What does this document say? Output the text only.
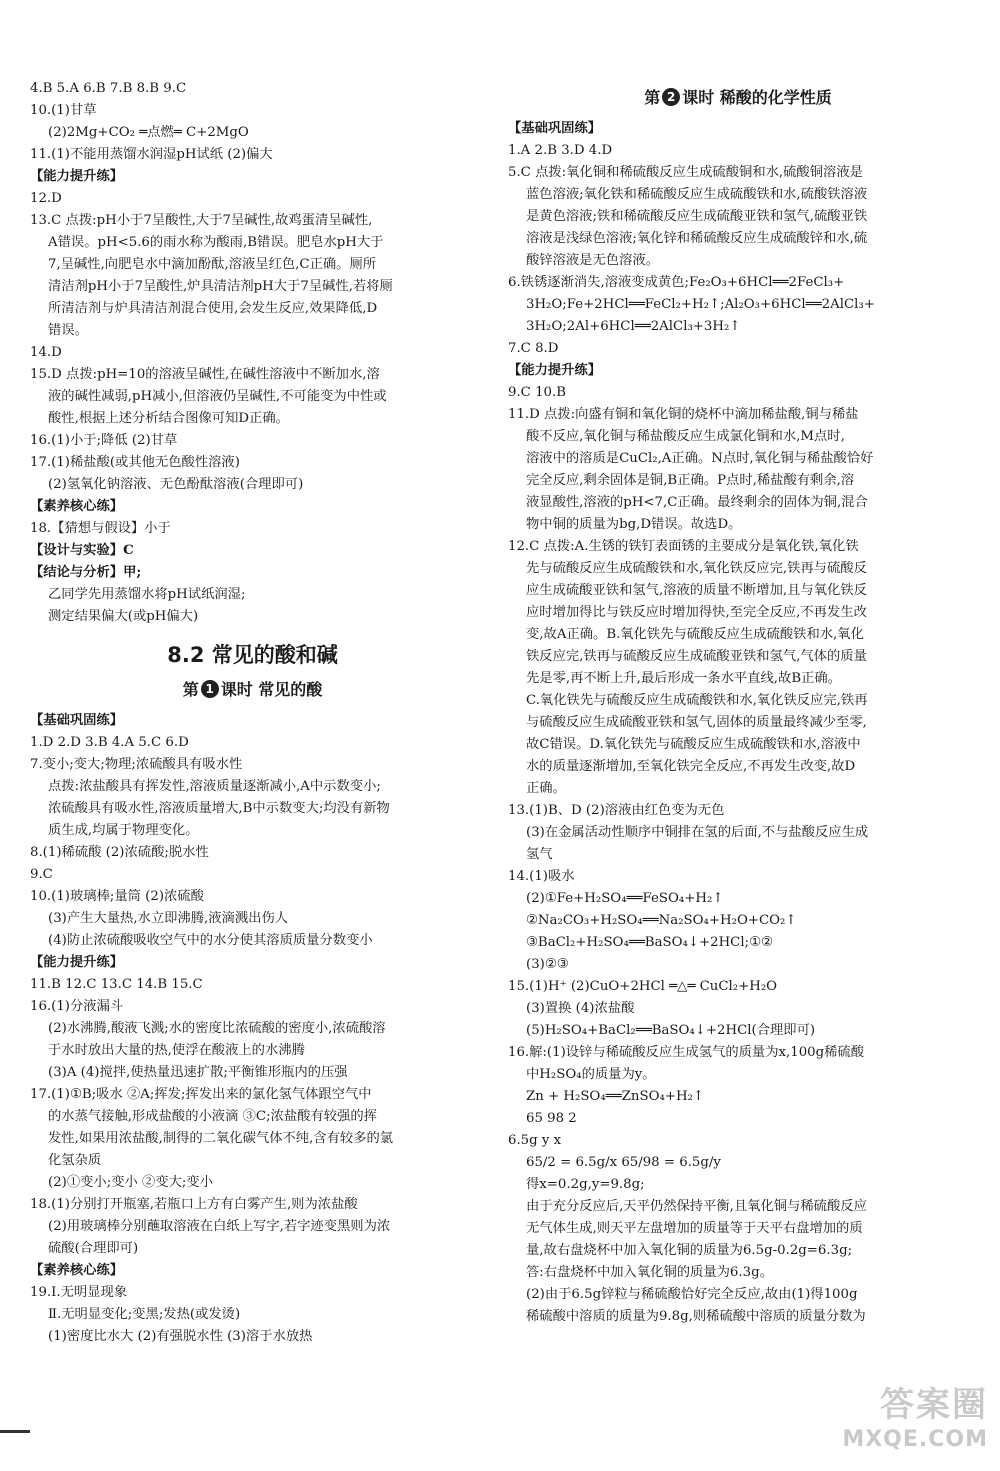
4.B 5.A 6.B 7.B 8.B 9.C
10.(1)甘草
(2)2Mg+CO₂ ═点燃═ C+2MgO
11.(1)不能用蒸馏水润湿pH试纸 (2)偏大
【能力提升练】
12.D
13.C 点拨:pH小于7呈酸性,大于7呈碱性,故鸡蛋清呈碱性,
A错误。pH<5.6的雨水称为酸雨,B错误。肥皂水pH大于
7,呈碱性,向肥皂水中滴加酚酞,溶液呈红色,C正确。厕所
清洁剂pH小于7呈酸性,炉具清洁剂pH大于7呈碱性,若将厕
所清洁剂与炉具清洁剂混合使用,会发生反应,效果降低,D
错误。
14.D
15.D 点拨:pH=10的溶液呈碱性,在碱性溶液中不断加水,溶
液的碱性减弱,pH减小,但溶液仍呈碱性,不可能变为中性或
酸性,根据上述分析结合图像可知D正确。
16.(1)小于;降低 (2)甘草
17.(1)稀盐酸(或其他无色酸性溶液)
(2)氢氧化钠溶液、无色酚酞溶液(合理即可)
【素养核心练】
18.【猜想与假设】小于
【设计与实验】C
【结论与分析】甲;
乙同学先用蒸馏水将pH试纸润湿;
测定结果偏大(或pH偏大)
8.2 常见的酸和碱
第 1 课时 常见的酸
【基础巩固练】
1.D 2.D 3.B 4.A 5.C 6.D
7.变小;变大;物理;浓硫酸具有吸水性
点拨:浓盐酸具有挥发性,溶液质量逐渐减小,A中示数变小;
浓硫酸具有吸水性,溶液质量增大,B中示数变大;均没有新物
质生成,均属于物理变化。
8.(1)稀硫酸 (2)浓硫酸;脱水性
9.C
10.(1)玻璃棒;量筒 (2)浓硫酸
(3)产生大量热,水立即沸腾,液滴溅出伤人
(4)防止浓硫酸吸收空气中的水分使其溶质质量分数变小
【能力提升练】
11.B 12.C 13.C 14.B 15.C
16.(1)分液漏斗
(2)水沸腾,酸液飞溅;水的密度比浓硫酸的密度小,浓硫酸溶
于水时放出大量的热,使浮在酸液上的水沸腾
(3)A (4)搅拌,使热量迅速扩散;平衡锥形瓶内的压强
17.(1)①B;吸水 ②A;挥发;挥发出来的氯化氢气体跟空气中
的水蒸气接触,形成盐酸的小液滴 ③C;浓盐酸有较强的挥
发性,如果用浓盐酸,制得的二氧化碳气体不纯,含有较多的氯
化氢杂质
(2)①变小;变小 ②变大;变小
18.(1)分别打开瓶塞,若瓶口上方有白雾产生,则为浓盐酸
(2)用玻璃棒分别蘸取溶液在白纸上写字,若字迹变黑则为浓
硫酸(合理即可)
【素养核心练】
19.Ⅰ.无明显现象
Ⅱ.无明显变化;变黑;发热(或发烫)
(1)密度比水大 (2)有强脱水性 (3)溶于水放热
第 2 课时 稀酸的化学性质
【基础巩固练】
1.A 2.B 3.D 4.D
5.C 点拨:氧化铜和稀硫酸反应生成硫酸铜和水,硫酸铜溶液是
蓝色溶液;氧化铁和稀硫酸反应生成硫酸铁和水,硫酸铁溶液
是黄色溶液;铁和稀硫酸反应生成硫酸亚铁和氢气,硫酸亚铁
溶液是浅绿色溶液;氧化锌和稀硫酸反应生成硫酸锌和水,硫
酸锌溶液是无色溶液。
6.铁锈逐渐消失,溶液变成黄色;Fe₂O₃+6HCl══2FeCl₃+
3H₂O;Fe+2HCl══FeCl₂+H₂↑;Al₂O₃+6HCl══2AlCl₃+
3H₂O;2Al+6HCl══2AlCl₃+3H₂↑
7.C 8.D
【能力提升练】
9.C 10.B
11.D 点拨:向盛有铜和氧化铜的烧杯中滴加稀盐酸,铜与稀盐
酸不反应,氧化铜与稀盐酸反应生成氯化铜和水,M点时,
溶液中的溶质是CuCl₂,A正确。N点时,氧化铜与稀盐酸恰好
完全反应,剩余固体是铜,B正确。P点时,稀盐酸有剩余,溶
液显酸性,溶液的pH<7,C正确。最终剩余的固体为铜,混合
物中铜的质量为bg,D错误。故选D。
12.C 点拨:A.生锈的铁钉表面锈的主要成分是氧化铁,氧化铁
先与硫酸反应生成硫酸铁和水,氧化铁反应完,铁再与硫酸反
应生成硫酸亚铁和氢气,溶液的质量不断增加,且与氧化铁反
应时增加得比与铁反应时增加得快,至完全反应,不再发生改
变,故A正确。B.氧化铁先与硫酸反应生成硫酸铁和水,氧化
铁反应完,铁再与硫酸反应生成硫酸亚铁和氢气,气体的质量
先是零,再不断上升,最后形成一条水平直线,故B正确。
C.氧化铁先与硫酸反应生成硫酸铁和水,氧化铁反应完,铁再
与硫酸反应生成硫酸亚铁和氢气,固体的质量最终减少至零,
故C错误。D.氧化铁先与硫酸反应生成硫酸铁和水,溶液中
水的质量逐渐增加,至氧化铁完全反应,不再发生改变,故D
正确。
13.(1)B、D (2)溶液由红色变为无色
(3)在金属活动性顺序中铜排在氢的后面,不与盐酸反应生成
氢气
14.(1)吸水
(2)①Fe+H₂SO₄══FeSO₄+H₂↑
②Na₂CO₃+H₂SO₄══Na₂SO₄+H₂O+CO₂↑
③BaCl₂+H₂SO₄══BaSO₄↓+2HCl;①②
(3)②③
15.(1)H⁺ (2)CuO+2HCl ═△═ CuCl₂+H₂O
(3)置换 (4)浓盐酸
(5)H₂SO₄+BaCl₂══BaSO₄↓+2HCl(合理即可)
16.解:(1)设锌与稀硫酸反应生成氢气的质量为x,100g稀硫酸
中H₂SO₄的质量为y。
Zn + H₂SO₄══ZnSO₄+H₂↑
65 98 2
6.5g y x
65/2 = 6.5g/x 65/98 = 6.5g/y
得x=0.2g,y=9.8g;
由于充分反应后,天平仍然保持平衡,且氧化铜与稀硫酸反应
无气体生成,则天平左盘增加的质量等于天平右盘增加的质
量,故右盘烧杯中加入氧化铜的质量为6.5g-0.2g=6.3g;
答:右盘烧杯中加入氧化铜的质量为6.3g。
(2)由于6.5g锌粒与稀硫酸恰好完全反应,故由(1)得100g
稀硫酸中溶质的质量为9.8g,则稀硫酸中溶质的质量分数为
答案圈
MXQE.COM
